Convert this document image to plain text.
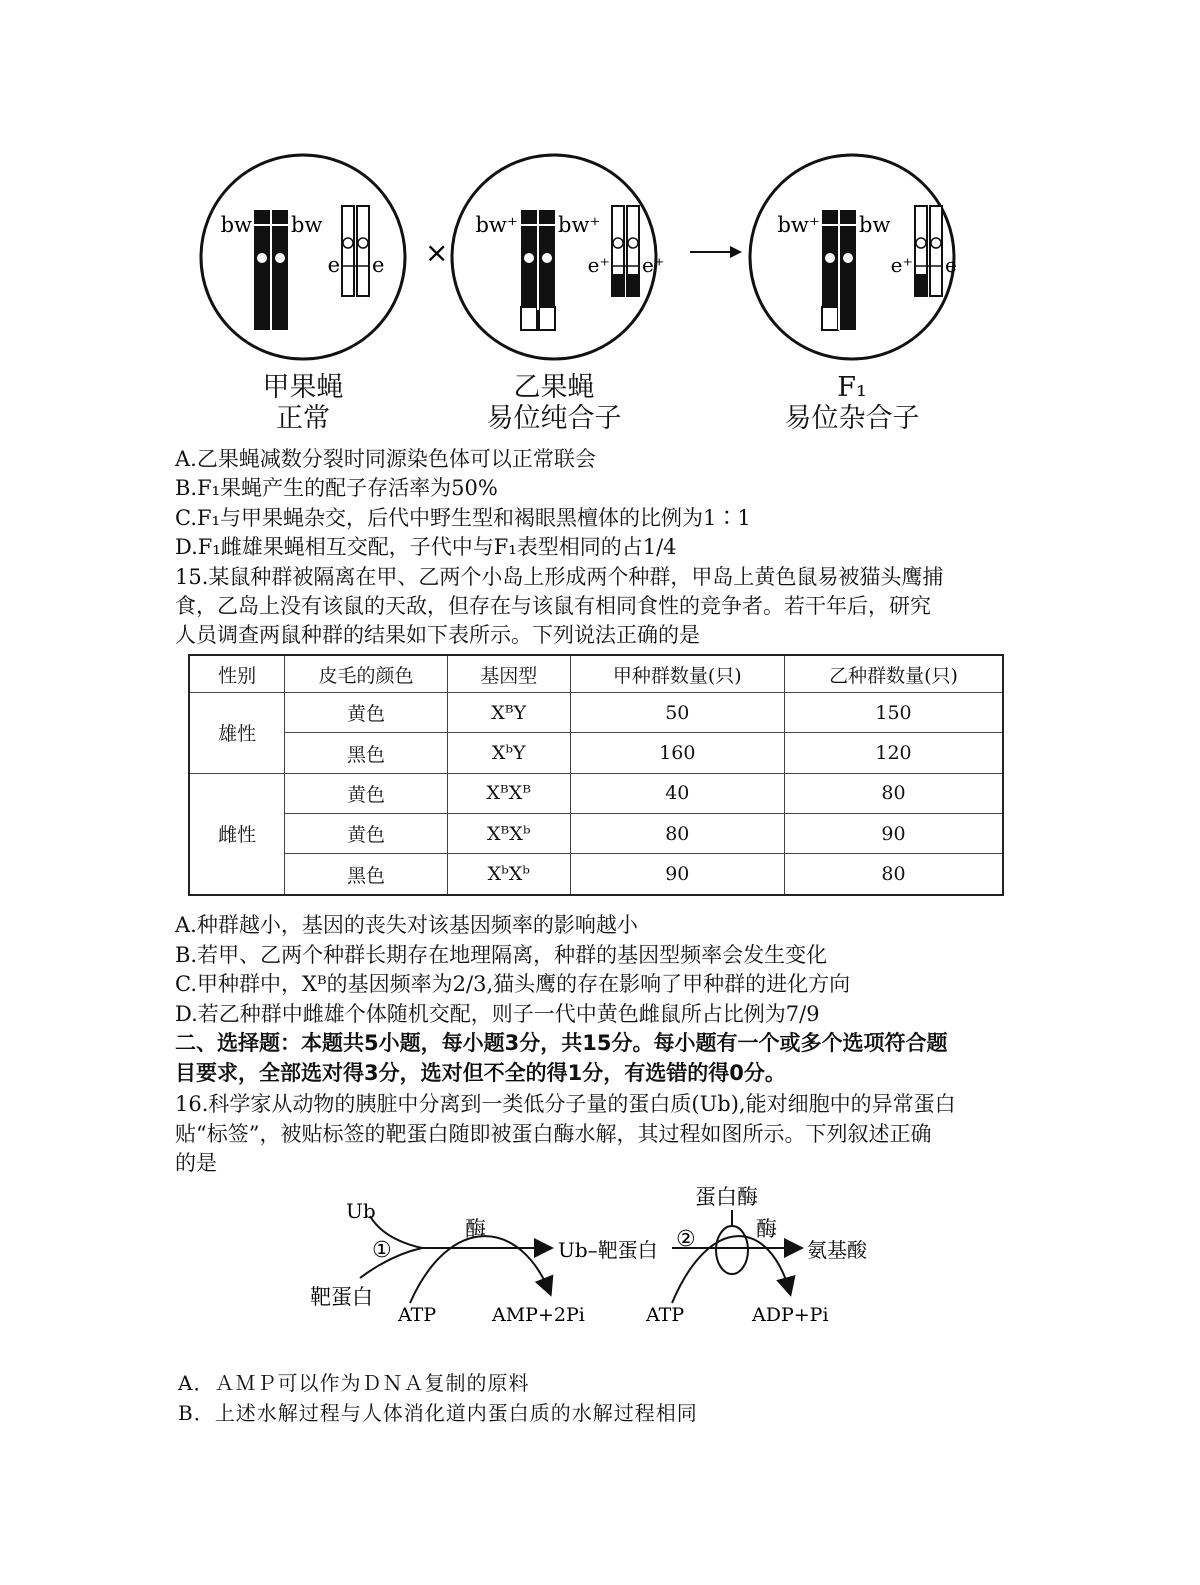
bw bw
e e ×
bw⁺ bw⁺
e⁺ e⁺
bw⁺ bw
e⁺ e
甲果蝇
正常
乙果蝇
易位纯合子
F₁
易位杂合子
A.乙果蝇减数分裂时同源染色体可以正常联会
B.F₁果蝇产生的配子存活率为50%
C.F₁与甲果蝇杂交，后代中野生型和褐眼黑檀体的比例为1∶1
D.F₁雌雄果蝇相互交配，子代中与F₁表型相同的占1/4
15.某鼠种群被隔离在甲、乙两个小岛上形成两个种群，甲岛上黄色鼠易被猫头鹰捕
食，乙岛上没有该鼠的天敌，但存在与该鼠有相同食性的竞争者。若干年后，研究
人员调查两鼠种群的结果如下表所示。下列说法正确的是
性别	皮毛的颜色	基因型	甲种群数量(只)	乙种群数量(只)
雄性	黄色	XᴮY	50	150
	黑色	XᵇY	160	120
雌性	黄色	XᴮXᴮ	40	80
	黄色	XᴮXᵇ	80	90
	黑色	XᵇXᵇ	90	80
A.种群越小，基因的丧失对该基因频率的影响越小
B.若甲、乙两个种群长期存在地理隔离，种群的基因型频率会发生变化
C.甲种群中，Xᴮ的基因频率为2/3,猫头鹰的存在影响了甲种群的进化方向
D.若乙种群中雌雄个体随机交配，则子一代中黄色雌鼠所占比例为7/9
二、选择题：本题共5小题，每小题3分，共15分。每小题有一个或多个选项符合题
目要求，全部选对得3分，选对但不全的得1分，有选错的得0分。
16.科学家从动物的胰脏中分离到一类低分子量的蛋白质(Ub),能对细胞中的异常蛋白
贴“标签”，被贴标签的靶蛋白随即被蛋白酶水解，其过程如图所示。下列叙述正确
的是
Ub
靶蛋白
①
酶
ATP	AMP+2Pi
Ub–靶蛋白 ②
蛋白酶
酶
氨基酸
ATP	ADP+Pi
A．ＡＭＰ可以作为ＤＮＡ复制的原料
B．上述水解过程与人体消化道内蛋白质的水解过程相同
